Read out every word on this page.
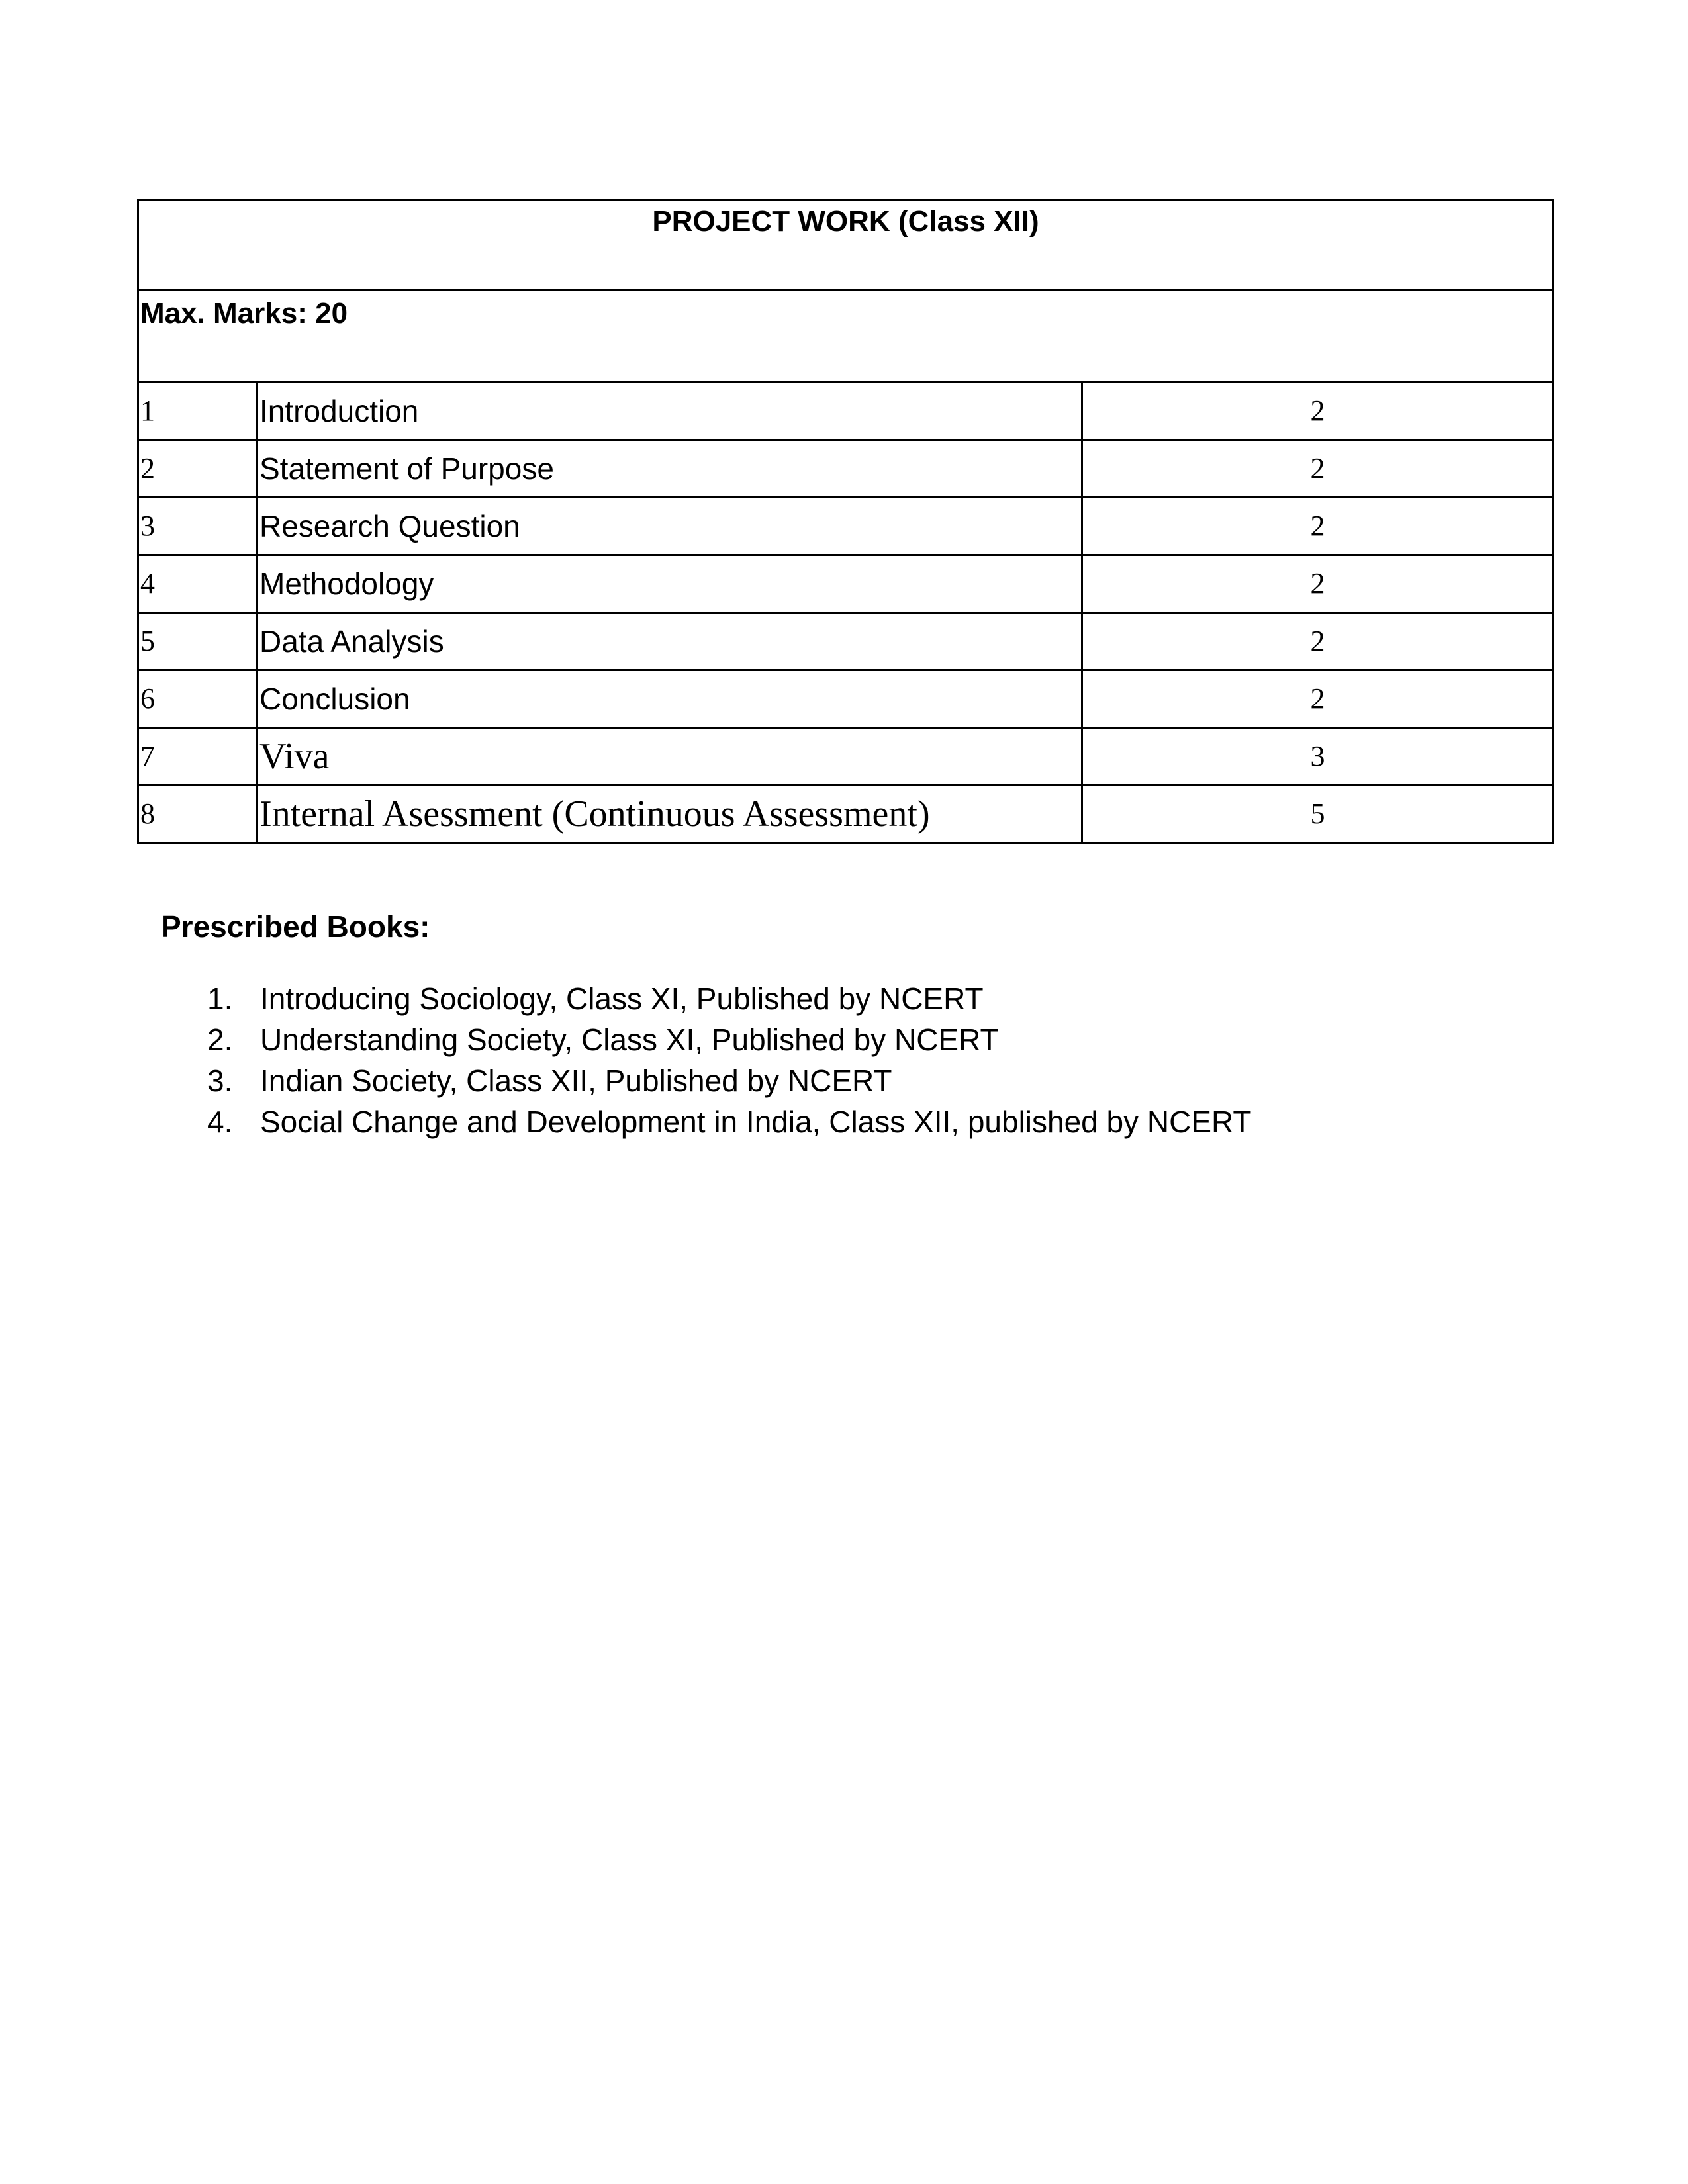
PROJECT WORK (Class XII)		
Max. Marks: 20		
1	Introduction	2
2	Statement of Purpose	2
3	Research Question	2
4	Methodology	2
5	Data Analysis	2
6	Conclusion	2
7	Viva	3
8	Internal Asessment (Continuous Assessment)	5

Prescribed Books:

1. Introducing Sociology, Class XI, Published by NCERT
2. Understanding Society, Class XI, Published by NCERT
3. Indian Society, Class XII, Published by NCERT
4. Social Change and Development in India, Class XII, published by NCERT
